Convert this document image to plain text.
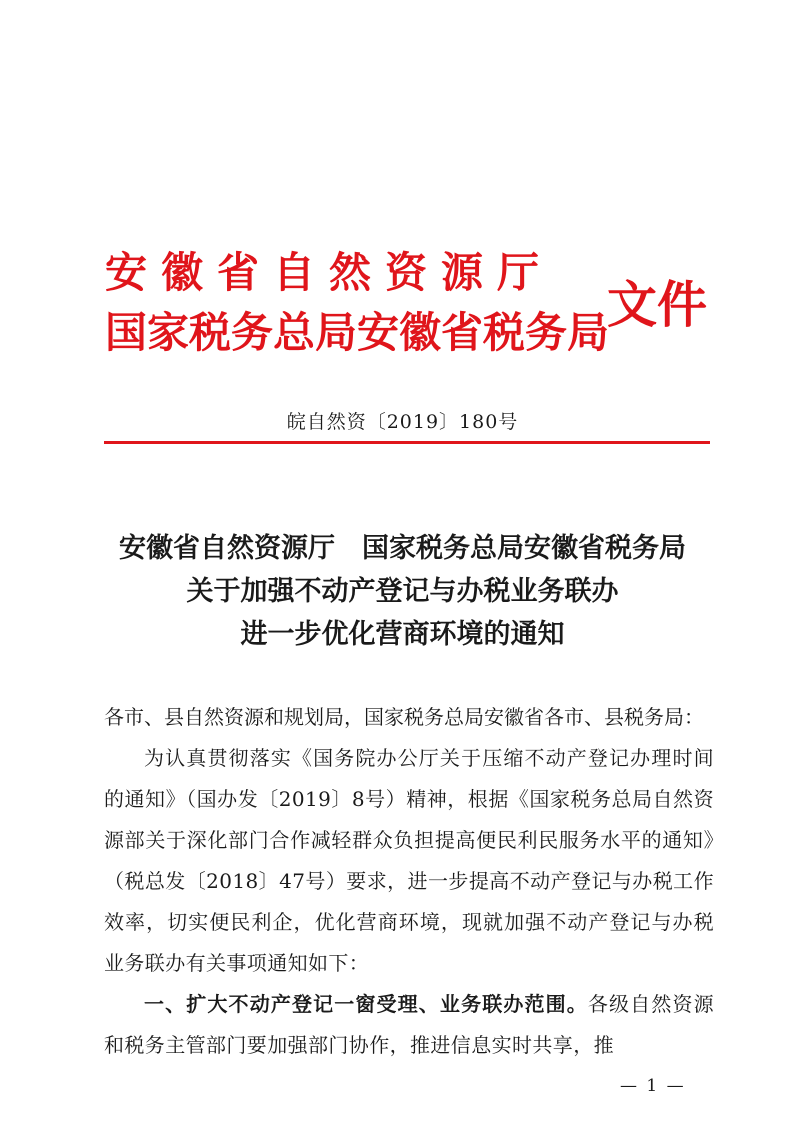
安徽省自然资源厅
国家税务总局安徽省税务局
文件
皖自然资〔2019〕180号
安徽省自然资源厅　国家税务总局安徽省税务局
关于加强不动产登记与办税业务联办
进一步优化营商环境的通知

各市、县自然资源和规划局，国家税务总局安徽省各市、县税务局：

为认真贯彻落实《国务院办公厅关于压缩不动产登记办理时间的通知》（国办发〔2019〕8号）精神，根据《国家税务总局自然资源部关于深化部门合作减轻群众负担提高便民利民服务水平的通知》（税总发〔2018〕47号）要求，进一步提高不动产登记与办税工作效率，切实便民利企，优化营商环境，现就加强不动产登记与办税业务联办有关事项通知如下：

一、扩大不动产登记一窗受理、业务联办范围。各级自然资源和税务主管部门要加强部门协作，推进信息实时共享，推

— 1 —
